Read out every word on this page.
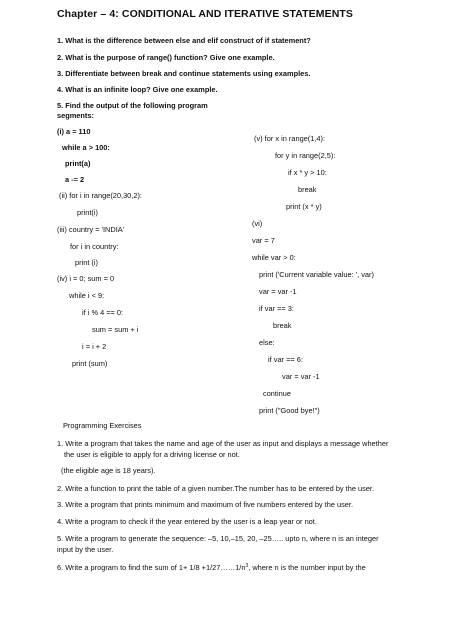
Chapter – 4: CONDITIONAL AND ITERATIVE STATEMENTS
1. What is the difference between else and elif construct of if statement?
2. What is the purpose of range() function? Give one example.
3. Differentiate between break and continue statements using examples.
4. What is an infinite loop? Give one example.
5. Find the output of the following program
segments:
(i) a = 110
while a > 100:
print(a)
a -= 2
(ii) for i in range(20,30,2):
print(i)
(iii) country = 'INDIA'
for i in country:
print (i)
(iv) i = 0; sum = 0
while i < 9:
if i % 4 == 0:
sum = sum + i
i = i + 2
print (sum)
(v) for x in range(1,4):
for y in range(2,5):
if x * y > 10:
break
print (x * y)
(vi)
var = 7
while var > 0:
print ('Current variable value: ', var)
var = var -1
if var == 3:
break
else:
if var == 6:
var = var -1
continue
print ("Good bye!")
Programming Exercises
1. Write a program that takes the name and age of the user as input and displays a message whether
the user is eligible to apply for a driving license or not.
(the eligible age is 18 years).
2. Write a function to print the table of a given number.The number has to be entered by the user.
3. Write a program that prints minimum and maximum of five numbers entered by the user.
4. Write a program to check if the year entered by the user is a leap year or not.
5. Write a program to generate the sequence: –5, 10,–15, 20, –25….. upto n, where n is an integer
input by the user.
6. Write a program to find the sum of $1+ 1/8 +1/27\dots\dots 1/n^3$, where n is the number input by the
